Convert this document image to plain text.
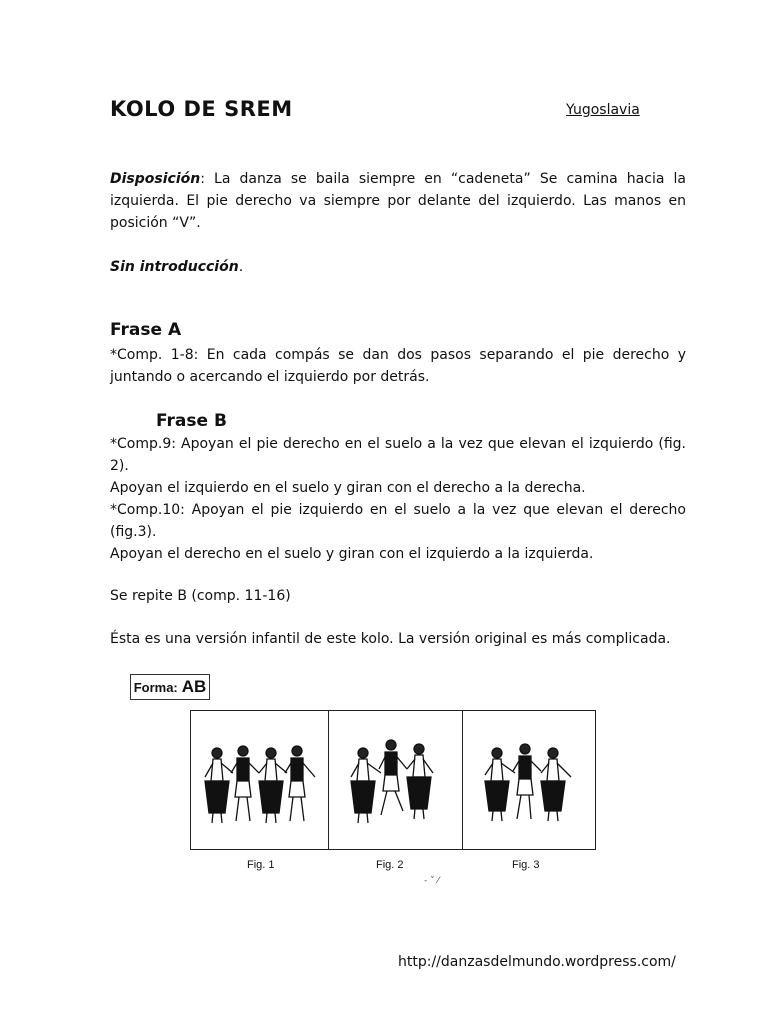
KOLO DE SREM	Yugoslavia
Disposición: La danza se baila siempre en “cadeneta” Se camina hacia la izquierda. El pie derecho va siempre por delante del izquierdo. Las manos en posición “V”.
Sin introducción.
Frase A
*Comp. 1-8: En cada compás se dan dos pasos separando el pie derecho y juntando o acercando el izquierdo por detrás.
Frase B
*Comp.9: Apoyan el pie derecho en el suelo a la vez que elevan el izquierdo (fig. 2).
Apoyan el izquierdo en el suelo y giran con el derecho a la derecha.
*Comp.10: Apoyan el pie izquierdo en el suelo a la vez que elevan el derecho (fig.3).
Apoyan el derecho en el suelo y giran con el izquierdo a la izquierda.
Se repite B (comp. 11-16)
Ésta es una versión infantil de este kolo. La versión original es más complicada.
Forma: AB
Fig. 1	Fig. 2	Fig. 3
- ˅ ⁄
http://danzasdelmundo.wordpress.com/
